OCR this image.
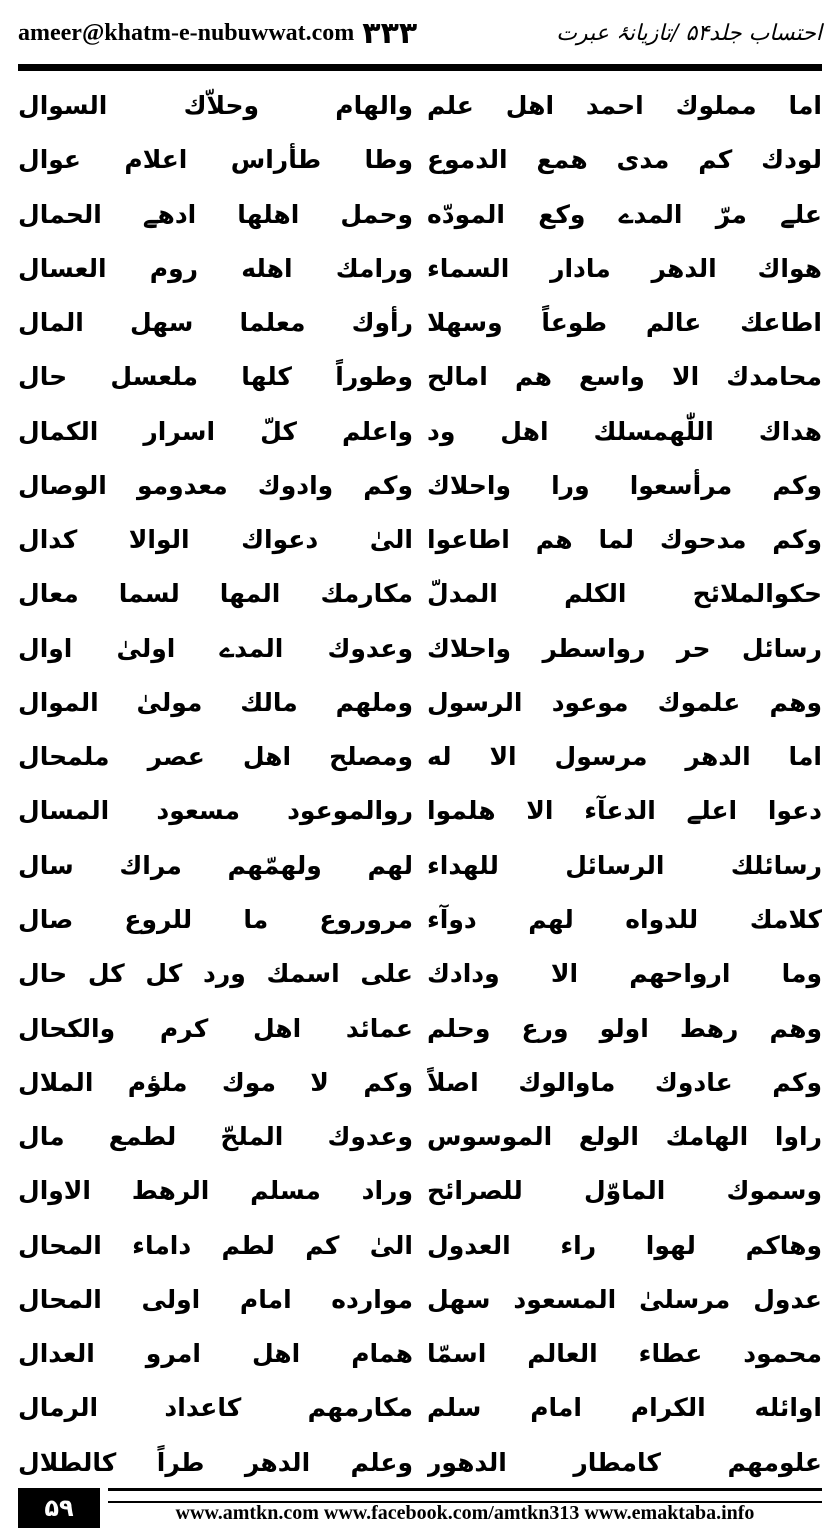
ameer@khatm-e-nubuwwat.com ۳۳۳	احتساب جلد۵۴ /تازیانۂ عبرت
والهام وحلاّك السوال
وطا طأراس اعلام عوال
وحمل اهلها ادهے الحمال
ورامك اهله روم العسال
رأوك معلما سهل المال
وطوراً كلها ملعسل حال
واعلم كلّ اسرار الكمال
وكم وادوك معدومو الوصال
الىٰ دعواك الوالا كدال
مكارمك المها لسما معال
وعدوك المدے اولىٰ اوال
وملهم مالك مولىٰ الموال
ومصلح اهل عصر ملمحال
روالموعود مسعود المسال
لهم ولهمّهم مراك سال
مروروع ما للروع صال
على اسمك ورد كل كل حال
عمائد اهل كرم والكحال
وكم لا موك ملؤم الملال
وعدوك الملحّ لطمع مال
وراد مسلم الرهط الاوال
الىٰ كم لطم داماء المحال
موارده امام اولى المحال
همام اهل امرو العدال
مكارمهم كاعداد الرمال
وعلم الدهر طراً كالطلال
اما مملوك احمد اهل علم
لودك كم مدى همع الدموع
علے مرّ المدے وكع المودّه
هواك الدهر مادار السماء
اطاعك عالم طوعاً وسهلا
محامدك الا واسع هم امالح
هداك اللّٰهمسلك اهل ود
وكم مرأسعوا ورا واحلاك
وكم مدحوك لما هم اطاعوا
حكوالملائح الكلم المدلّ
رسائل حر رواسطر واحلاك
وهم علموك موعود الرسول
اما الدهر مرسول الا له
دعوا اعلے الدعآء الا هلموا
رسائلك الرسائل للهداء
كلامك للدواه لهم دوآء
وما ارواحهم الا ودادك
وهم رهط اولو ورع وحلم
وكم عادوك ماوالوك اصلاً
راوا الهامك الولع الموسوس
وسموك الماوّل للصرائح
وهاكم لهوا راء العدول
عدول مرسلىٰ المسعود سهل
محمود عطاء العالم اسمّا
اوائله الكرام امام سلم
علومهم كامطار الدهور
۵۹	www.amtkn.com www.facebook.com/amtkn313 www.emaktaba.info
